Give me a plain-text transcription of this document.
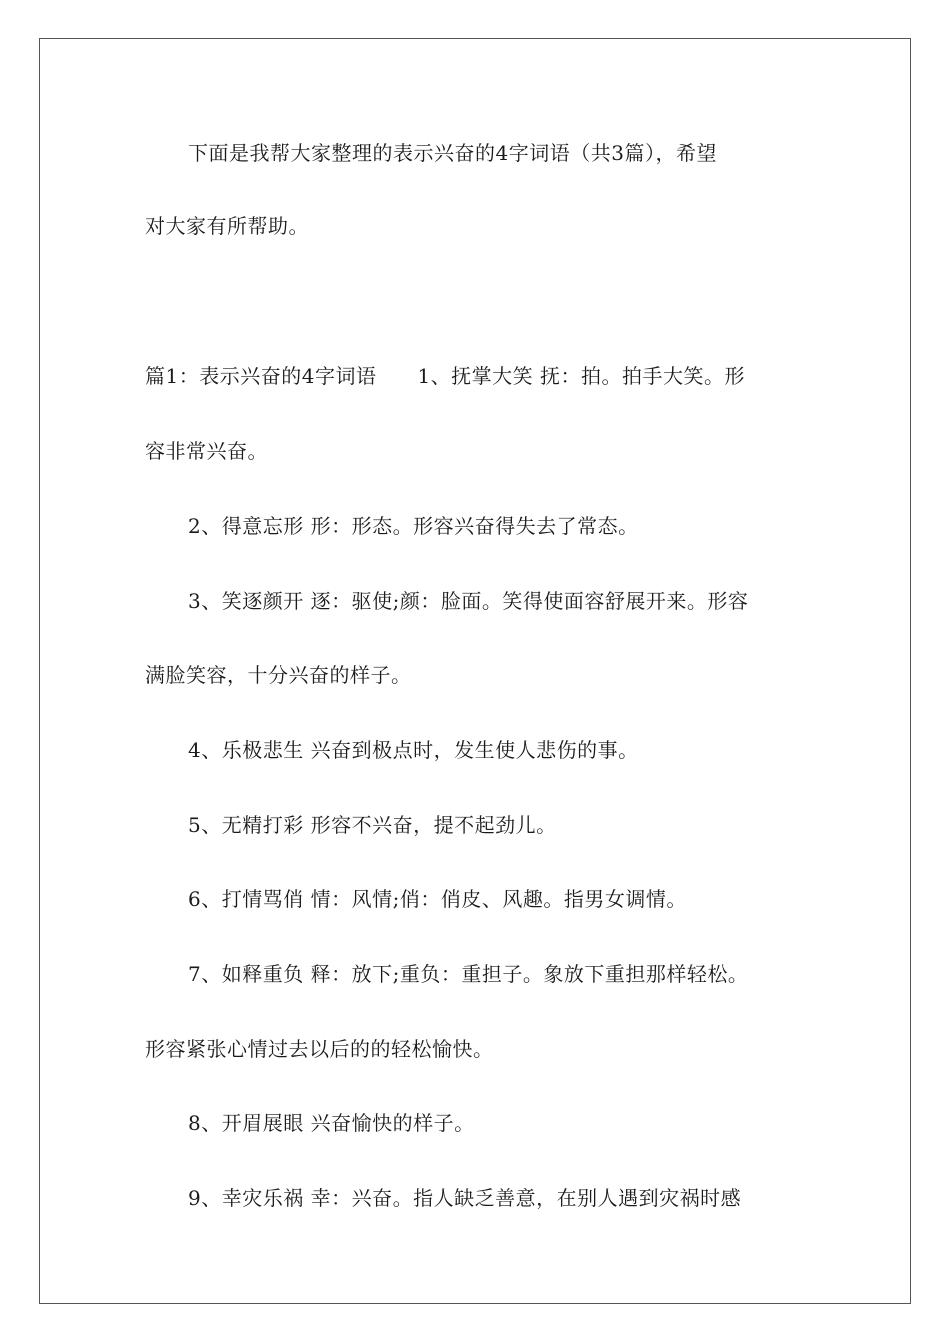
下面是我帮大家整理的表示兴奋的4字词语（共3篇），希望
对大家有所帮助。
篇1：表示兴奋的4字词语　　1、抚掌大笑 抚：拍。拍手大笑。形
容非常兴奋。
2、得意忘形 形：形态。形容兴奋得失去了常态。
3、笑逐颜开 逐：驱使;颜：脸面。笑得使面容舒展开来。形容
满脸笑容，十分兴奋的样子。
4、乐极悲生 兴奋到极点时，发生使人悲伤的事。
5、无精打彩 形容不兴奋，提不起劲儿。
6、打情骂俏 情：风情;俏：俏皮、风趣。指男女调情。
7、如释重负 释：放下;重负：重担子。象放下重担那样轻松。
形容紧张心情过去以后的的轻松愉快。
8、开眉展眼 兴奋愉快的样子。
9、幸灾乐祸 幸：兴奋。指人缺乏善意，在别人遇到灾祸时感
